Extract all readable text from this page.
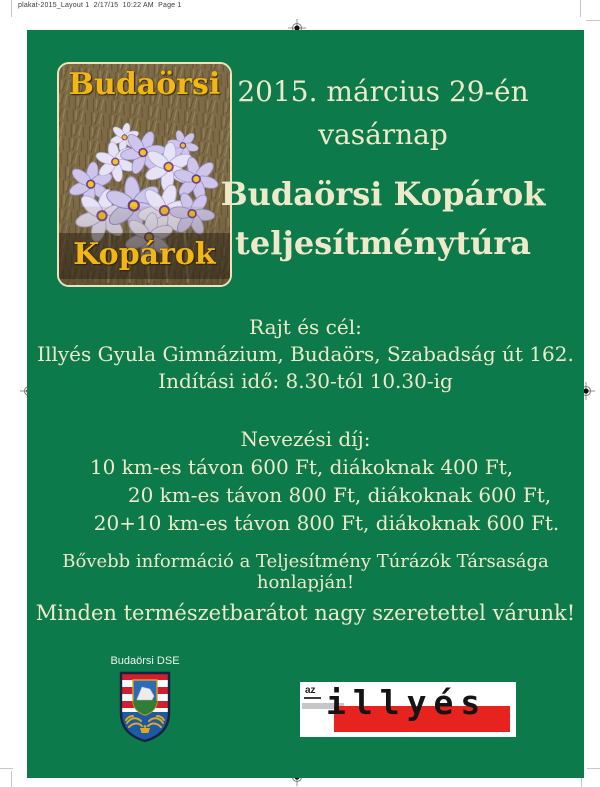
plakat-2015_Layout 1  2/17/15  10:22 AM  Page 1
Budaörsi
Kopárok
2015. március 29-én
vasárnap
Budaörsi Kopárok
teljesítménytúra
Rajt és cél:
Illyés Gyula Gimnázium, Budaörs, Szabadság út 162.
Indítási idő: 8.30-tól 10.30-ig
Nevezési díj:
10 km-es távon 600 Ft, diákoknak 400 Ft,
20 km-es távon 800 Ft, diákoknak 600 Ft,
20+10 km-es távon 800 Ft, diákoknak 600 Ft.
Bővebb információ a Teljesítmény Túrázók Társasága honlapján!
Minden természetbarátot nagy szeretettel várunk!
Budaörsi DSE
az illyés
